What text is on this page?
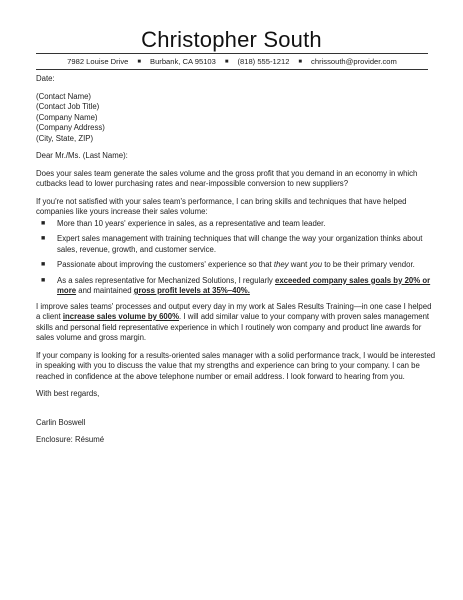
Christopher South
7982 Louise Drive ■ Burbank, CA 95103 ■ (818) 555-1212 ■ chrissouth@provider.com

Date:

(Contact Name)

(Contact Job Title)

(Company Name)

(Company Address)

(City, State, ZIP)

Dear Mr./Ms. (Last Name):

Does your sales team generate the sales volume and the gross profit that you demand in an economy in which cutbacks lead to lower purchasing rates and near-impossible conversion to new suppliers?

If you're not satisfied with your sales team's performance, I can bring skills and techniques that have helped companies like yours increase their sales volume:

■ More than 10 years' experience in sales, as a representative and team leader.
■ Expert sales management with training techniques that will change the way your organization thinks about sales, revenue, growth, and customer service.
■ Passionate about improving the customers' experience so that they want you to be their primary vendor.
■ As a sales representative for Mechanized Solutions, I regularly exceeded company sales goals by 20% or more and maintained gross profit levels at 35%–40%.

I improve sales teams' processes and output every day in my work at Sales Results Training—in one case I helped a client increase sales volume by 600%. I will add similar value to your company with proven sales management skills and personal field representative experience in which I routinely won company and product line awards for sales volume and gross margin.

If your company is looking for a results-oriented sales manager with a solid performance track, I would be interested in speaking with you to discuss the value that my strengths and experience can bring to your company. I can be reached in confidence at the above telephone number or email address. I look forward to hearing from you.

With best regards,

Carlin Boswell

Enclosure: Résumé
